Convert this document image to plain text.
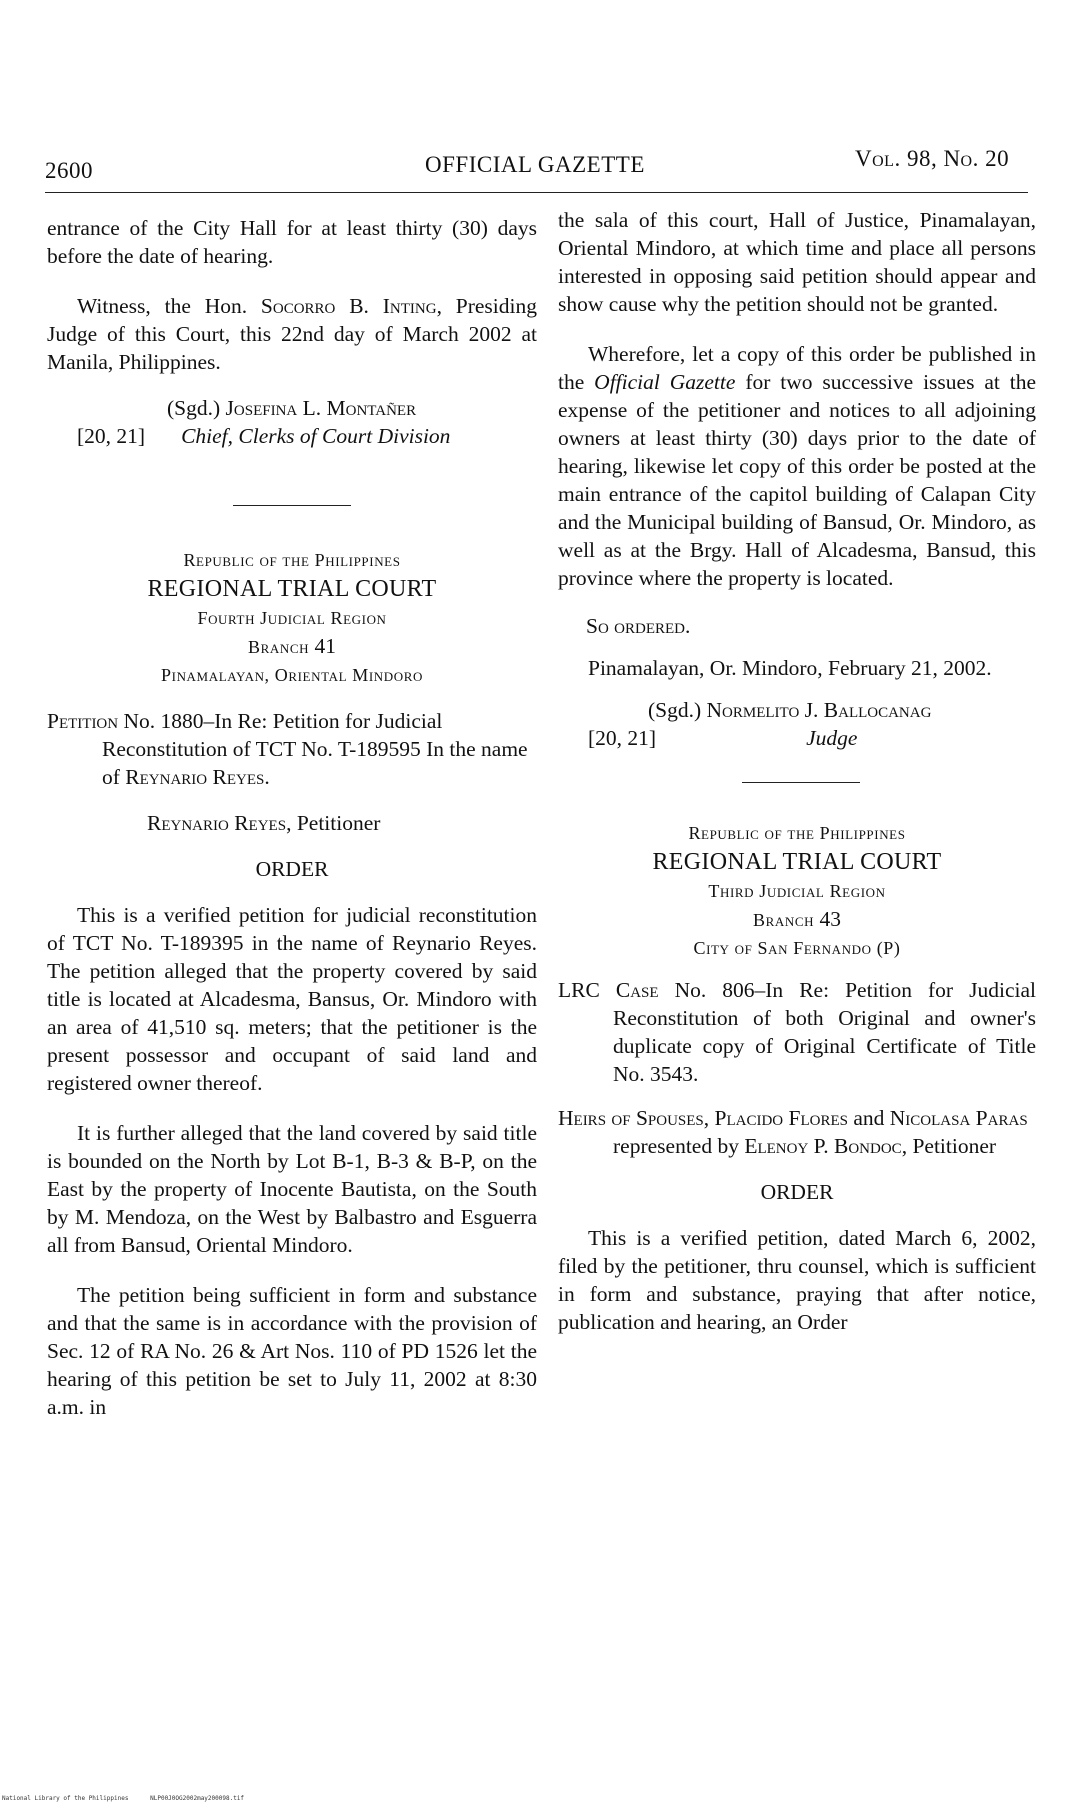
2600	OFFICIAL GAZETTE	Vol. 98, No. 20

entrance of the City Hall for at least thirty (30) days before the date of hearing.

Witness, the Hon. Socorro B. Inting, Presiding Judge of this Court, this 22nd day of March 2002 at Manila, Philippines.

(Sgd.) Josefina L. Montañer
[20, 21] Chief, Clerks of Court Division
Republic of the Philippines
REGIONAL TRIAL COURT
Fourth Judicial Region
Branch 41
Pinamalayan, Oriental Mindoro

Petition No. 1880–In Re: Petition for Judicial Reconstitution of TCT No. T-189595 In the name of Reynario Reyes.

Reynario Reyes, Petitioner
ORDER

This is a verified petition for judicial reconstitution of TCT No. T-189395 in the name of Reynario Reyes. The petition alleged that the property covered by said title is located at Alcadesma, Bansus, Or. Mindoro with an area of 41,510 sq. meters; that the petitioner is the present possessor and occupant of said land and registered owner thereof.

It is further alleged that the land covered by said title is bounded on the North by Lot B-1, B-3 & B-P, on the East by the property of Inocente Bautista, on the South by M. Mendoza, on the West by Balbastro and Esguerra all from Bansud, Oriental Mindoro.

The petition being sufficient in form and substance and that the same is in accordance with the provision of Sec. 12 of RA No. 26 & Art Nos. 110 of PD 1526 let the hearing of this petition be set to July 11, 2002 at 8:30 a.m. in

the sala of this court, Hall of Justice, Pinamalayan, Oriental Mindoro, at which time and place all persons interested in opposing said petition should appear and show cause why the petition should not be granted.

Wherefore, let a copy of this order be published in the Official Gazette for two successive issues at the expense of the petitioner and notices to all adjoining owners at least thirty (30) days prior to the date of hearing, likewise let copy of this order be posted at the main entrance of the capitol building of Calapan City and the Municipal building of Bansud, Or. Mindoro, as well as at the Brgy. Hall of Alcadesma, Bansud, this province where the property is located.

So ordered.

Pinamalayan, Or. Mindoro, February 21, 2002.

(Sgd.) Normelito J. Ballocanag
[20, 21]	Judge
Republic of the Philippines
REGIONAL TRIAL COURT
Third Judicial Region
Branch 43
City of San Fernando (P)

LRC Case No. 806–In Re: Petition for Judicial Reconstitution of both Original and owner's duplicate copy of Original Certificate of Title No. 3543.

Heirs of Spouses, Placido Flores and Nicolasa Paras represented by Elenoy P. Bondoc, Petitioner

ORDER

This is a verified petition, dated March 6, 2002, filed by the petitioner, thru counsel, which is sufficient in form and substance, praying that after notice, publication and hearing, an Order

National Library of the Philippines	NLP00J0OG2002may200098.tif
